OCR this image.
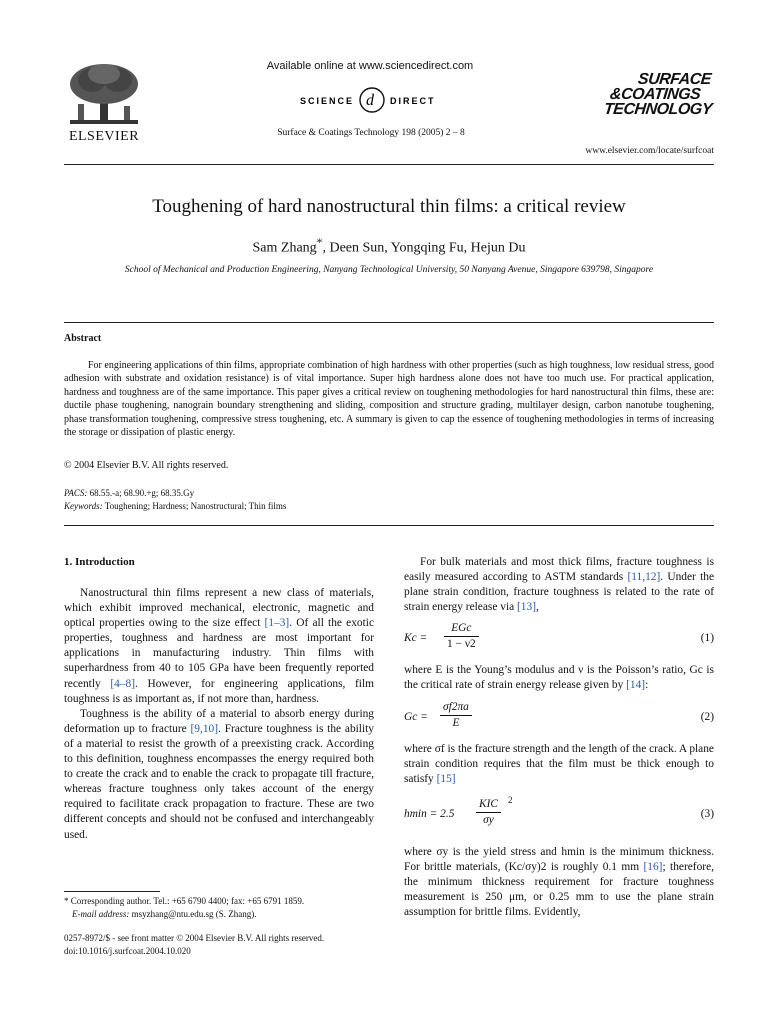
ELSEVIER
Available online at www.sciencedirect.com
SCIENCE d DIRECT
Surface & Coatings Technology 198 (2005) 2 – 8
SURFACE
&COATINGS
TECHNOLOGY
www.elsevier.com/locate/surfcoat
Toughening of hard nanostructural thin films: a critical review
Sam Zhang*, Deen Sun, Yongqing Fu, Hejun Du
School of Mechanical and Production Engineering, Nanyang Technological University, 50 Nanyang Avenue, Singapore 639798, Singapore
Abstract
For engineering applications of thin films, appropriate combination of high hardness with other properties (such as high toughness, low residual stress, good adhesion with substrate and oxidation resistance) is of vital importance. Super high hardness alone does not have too much use. For practical application, hardness and toughness are of the same importance. This paper gives a critical review on toughening methodologies for hard nanostructural thin films, these are: ductile phase toughening, nanograin boundary strengthening and sliding, composition and structure grading, multilayer design, carbon nanotube toughening, phase transformation toughening, compressive stress toughening, etc. A summary is given to cap the essence of toughening methodologies in terms of increasing the storage or dissipation of plastic energy.
© 2004 Elsevier B.V. All rights reserved.
PACS: 68.55.-a; 68.90.+g; 68.35.Gy
Keywords: Toughening; Hardness; Nanostructural; Thin films
1. Introduction

Nanostructural thin films represent a new class of materials, which exhibit improved mechanical, electronic, magnetic and optical properties owing to the size effect [1–3]. Of all the exotic properties, toughness and hardness are most important for applications in manufacturing industry. Thin films with superhardness from 40 to 105 GPa have been frequently reported recently [4–8]. However, for engineering applications, film toughness is as important as, if not more than, hardness.

Toughness is the ability of a material to absorb energy during deformation up to fracture [9,10]. Fracture toughness is the ability of a material to resist the growth of a preexisting crack. According to this definition, toughness encompasses the energy required both to create the crack and to enable the crack to propagate till fracture, whereas fracture toughness only takes account of the energy required to facilitate crack propagation to fracture. These are two different concepts and should not be confused and interchangeably used.

For bulk materials and most thick films, fracture toughness is easily measured according to ASTM standards [11,12]. Under the plane strain condition, fracture toughness is related to the rate of strain energy release via [13],

Kc =
EGc
1 − ν2
(1)

where E is the Young’s modulus and ν is the Poisson’s ratio, Gc is the critical rate of strain energy release given by [14]:

$Gc = \frac{\sigma f2\pi a}{E}$	(2)

where σf is the fracture strength and the length of the crack. A plane strain condition requires that the film must be thick enough to satisfy [15]

hmin = 2.5
KIC
σy
2
(3)

where σy is the yield stress and hmin is the minimum thickness. For brittle materials, (Kc/σy)2 is roughly 0.1 mm [16]; therefore, the minimum thickness requirement for fracture toughness measurement is 250 μm, or 0.25 mm to use the plane strain assumption for brittle films. Evidently,

* Corresponding author. Tel.: +65 6790 4400; fax: +65 6791 1859.
E-mail address: msyzhang@ntu.edu.sg (S. Zhang).
0257-8972/$ - see front matter © 2004 Elsevier B.V. All rights reserved.
doi:10.1016/j.surfcoat.2004.10.020
